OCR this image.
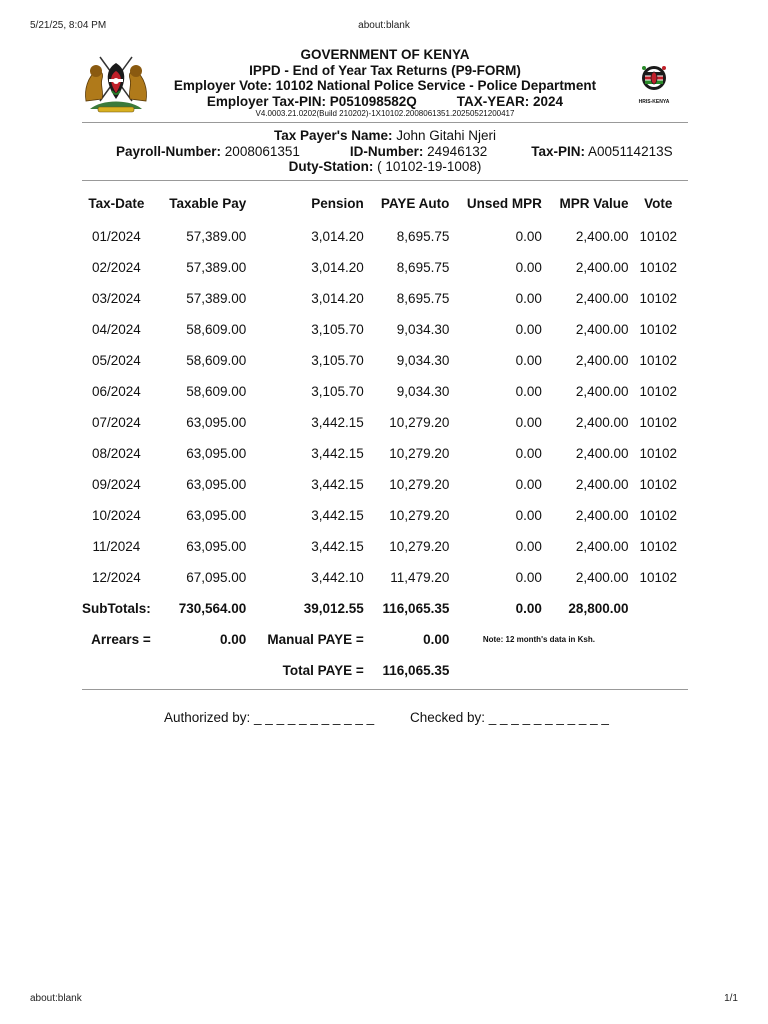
5/21/25, 8:04 PM	about:blank
GOVERNMENT OF KENYA
IPPD - End of Year Tax Returns (P9-FORM)
Employer Vote: 10102 National Police Service - Police Department
Employer Tax-PIN: P051098582Q	TAX-YEAR: 2024
V4.0003.21.0202(Build 210202)-1X10102.2008061351.20250521200417
HRIS-KENYA
Tax Payer's Name: John Gitahi Njeri
Payroll-Number: 2008061351	ID-Number: 24946132	Tax-PIN: A005114213S
Duty-Station: ( 10102-19-1008)
Tax-Date	Taxable Pay	Pension	PAYE Auto	Unsed MPR	MPR Value	Vote
01/2024	57,389.00	3,014.20	8,695.75	0.00	2,400.00	10102
02/2024	57,389.00	3,014.20	8,695.75	0.00	2,400.00	10102
03/2024	57,389.00	3,014.20	8,695.75	0.00	2,400.00	10102
04/2024	58,609.00	3,105.70	9,034.30	0.00	2,400.00	10102
05/2024	58,609.00	3,105.70	9,034.30	0.00	2,400.00	10102
06/2024	58,609.00	3,105.70	9,034.30	0.00	2,400.00	10102
07/2024	63,095.00	3,442.15	10,279.20	0.00	2,400.00	10102
08/2024	63,095.00	3,442.15	10,279.20	0.00	2,400.00	10102
09/2024	63,095.00	3,442.15	10,279.20	0.00	2,400.00	10102
10/2024	63,095.00	3,442.15	10,279.20	0.00	2,400.00	10102
11/2024	63,095.00	3,442.15	10,279.20	0.00	2,400.00	10102
12/2024	67,095.00	3,442.10	11,479.20	0.00	2,400.00	10102
SubTotals:	730,564.00	39,012.55	116,065.35	0.00	28,800.00	
Arrears =	0.00	Manual PAYE =	0.00	Note: 12 month's data in Ksh.		
		Total PAYE =	116,065.35			
Authorized by: _ _ _ _ _ _ _ _ _ _ _	Checked by: _ _ _ _ _ _ _ _ _ _ _
about:blank	1/1
